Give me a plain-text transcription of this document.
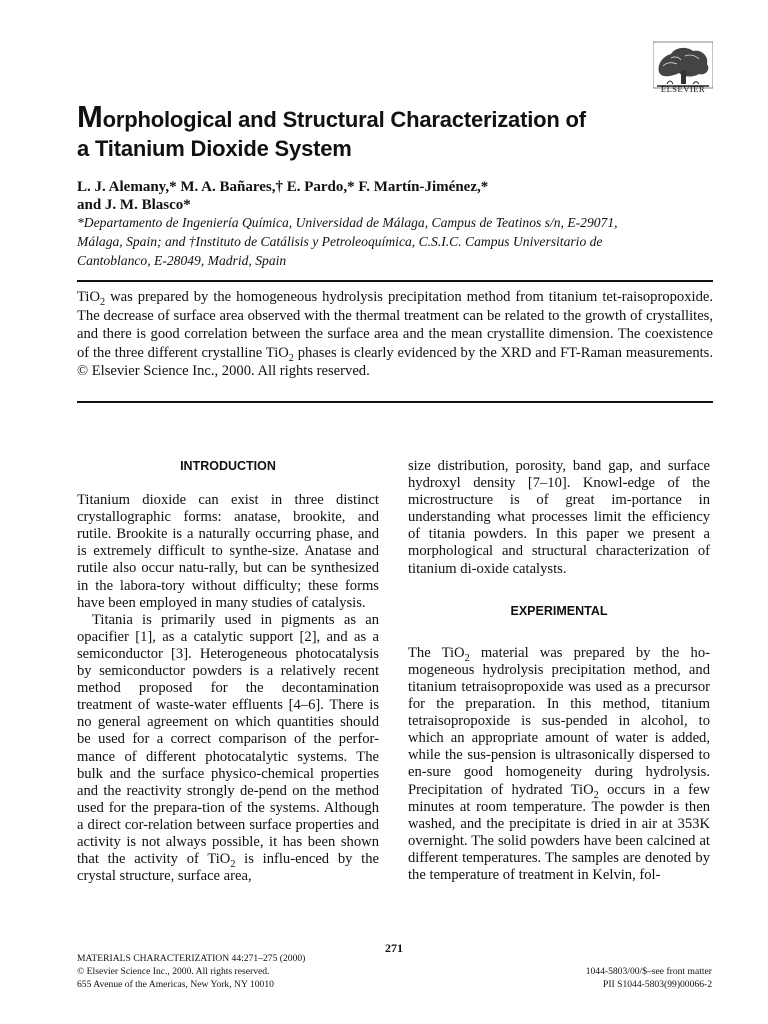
ELSEVIER
Morphological and Structural Characterization of
a Titanium Dioxide System
L. J. Alemany,* M. A. Bañares,† E. Pardo,* F. Martín-Jiménez,*
and J. M. Blasco*
*Departamento de Ingeniería Química, Universidad de Málaga, Campus de Teatinos s/n, E-29071,
Málaga, Spain; and †Instituto de Catálisis y Petroleoquímica, C.S.I.C. Campus Universitario de
Cantoblanco, E-28049, Madrid, Spain
TiO$_2$ was prepared by the homogeneous hydrolysis precipitation method from titanium tet-raisopropoxide. The decrease of surface area observed with the thermal treatment can be related to the growth of crystallites, and there is good correlation between the surface area and the mean crystallite dimension. The coexistence of the three different crystalline TiO$_2$ phases is clearly evidenced by the XRD and FT-Raman measurements. © Elsevier Science Inc., 2000. All rights reserved.

INTRODUCTION

Titanium dioxide can exist in three distinct crystallographic forms: anatase, brookite, and rutile. Brookite is a naturally occurring phase, and is extremely difficult to synthe-size. Anatase and rutile also occur natu-rally, but can be synthesized in the labora-tory without difficulty; these forms have been employed in many studies of catalysis.

Titania is primarily used in pigments as an opacifier [1], as a catalytic support [2], and as a semiconductor [3]. Heterogeneous photocatalysis by semiconductor powders is a relatively recent method proposed for the decontamination treatment of waste-water effluents [4–6]. There is no general agreement on which quantities should be used for a correct comparison of the perfor-mance of different photocatalytic systems. The bulk and the surface physico-chemical properties and the reactivity strongly de-pend on the method used for the prepara-tion of the systems. Although a direct cor-relation between surface properties and activity is not always possible, it has been shown that the activity of TiO$_2$ is influ-enced by the crystal structure, surface area,

size distribution, porosity, band gap, and surface hydroxyl density [7–10]. Knowl-edge of the microstructure is of great im-portance in understanding what processes limit the efficiency of titania powders. In this paper we present a morphological and structural characterization of titanium di-oxide catalysts.

EXPERIMENTAL

The TiO$_2$ material was prepared by the ho-mogeneous hydrolysis precipitation method, and titanium tetraisopropoxide was used as a precursor for the preparation. In this method, titanium tetraisopropoxide is sus-pended in alcohol, to which an appropriate amount of water is added, while the sus-pension is ultrasonically dispersed to en-sure good homogeneity during hydrolysis. Precipitation of hydrated TiO$_2$ occurs in a few minutes at room temperature. The powder is then washed, and the precipitate is dried in air at 353K overnight. The solid powders have been calcined at different temperatures. The samples are denoted by the temperature of treatment in Kelvin, fol-

271
MATERIALS CHARACTERIZATION 44:271–275 (2000)
© Elsevier Science Inc., 2000. All rights reserved.
655 Avenue of the Americas, New York, NY 10010

1044-5803/00/$–see front matter
PII S1044-5803(99)00066-2
